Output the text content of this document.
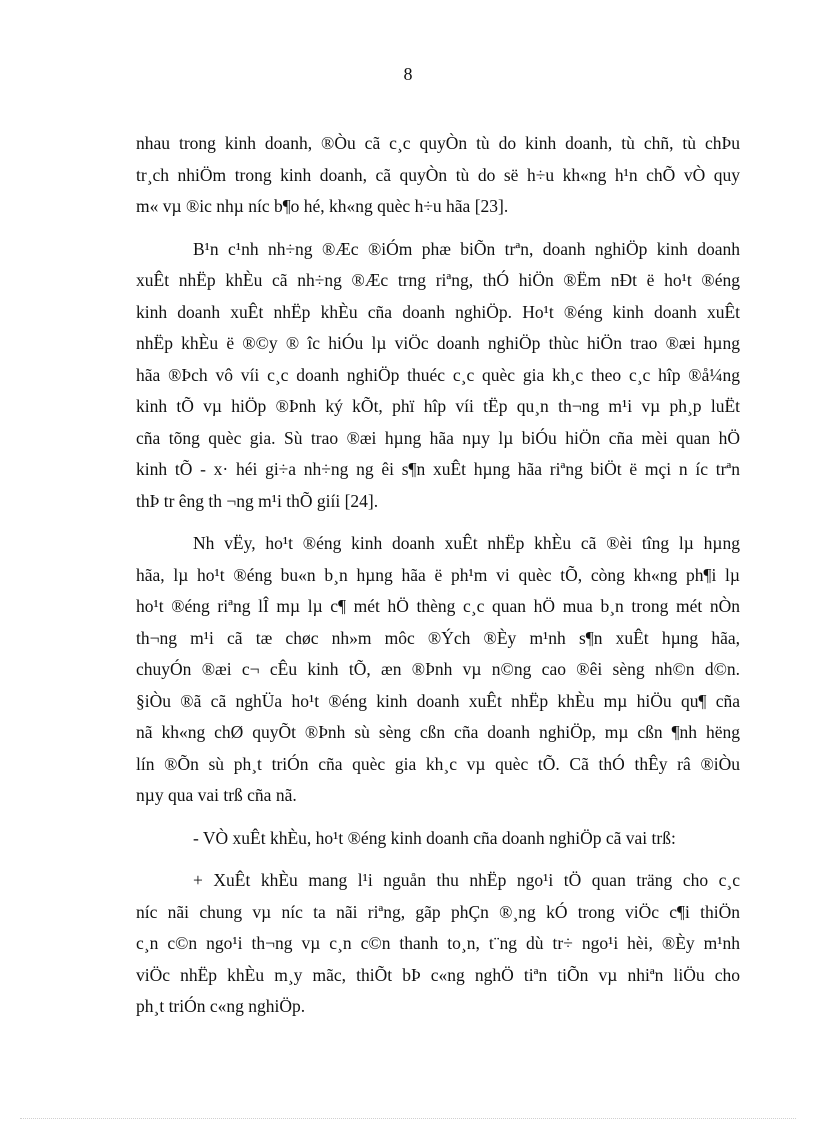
8
nhau trong kinh doanh, ®Òu cã c¸c quyÒn tù do kinh doanh, tù chñ, tù chÞu
tr¸ch nhiÖm trong kinh doanh, cã quyÒn tù do së h÷u kh«ng h¹n chÕ vÒ quy
m« vµ ®ic nhµ níc b¶o hé, kh«ng quèc h÷u hãa [23].
B¹n c¹nh nh÷ng ®Æc ®iÓm phæ biÕn trªn, doanh nghiÖp kinh doanh
xuÊt nhËp khÈu cã nh÷ng ®Æc trng riªng, thÓ hiÖn ®Ëm nÐt ë ho¹t ®éng
kinh doanh xuÊt nhËp khÈu cña doanh nghiÖp. Ho¹t ®éng kinh doanh xuÊt
nhËp khÈu ë ®©y ® îc hiÓu lµ viÖc doanh nghiÖp thùc hiÖn trao ®æi hµng
hãa ®Þch vô víi c¸c doanh nghiÖp thuéc c¸c quèc gia kh¸c theo c¸c hîp ®å¼ng
kinh tÕ vµ hiÖp ®Þnh ký kÕt, phï hîp víi tËp qu¸n th¬ng m¹i vµ ph¸p luËt
cña tõng quèc gia. Sù trao ®æi hµng hãa nµy lµ biÓu hiÖn cña mèi quan hÖ
kinh tÕ - x· héi gi÷a nh÷ng ng êi s¶n xuÊt hµng hãa riªng biÖt ë mçi n íc trªn
thÞ tr êng th ¬ng m¹i thÕ giíi [24].
Nh vËy, ho¹t ®éng kinh doanh xuÊt nhËp khÈu cã ®èi tîng lµ hµng
hãa, lµ ho¹t ®éng bu«n b¸n hµng hãa ë ph¹m vi quèc tÕ, còng kh«ng ph¶i lµ
ho¹t ®éng riªng lÎ mµ lµ c¶ mét hÖ thèng c¸c quan hÖ mua b¸n trong mét nÒn
th¬ng m¹i cã tæ chøc nh»m môc ®Ých ®Èy m¹nh s¶n xuÊt hµng hãa,
chuyÓn ®æi c¬ cÊu kinh tÕ, æn ®Þnh vµ n©ng cao ®êi sèng nh©n d©n.
§iÒu ®ã cã nghÜa ho¹t ®éng kinh doanh xuÊt nhËp khÈu mµ hiÖu qu¶ cña
nã kh«ng chØ quyÕt ®Þnh sù sèng cßn cña doanh nghiÖp, mµ cßn ¶nh hëng
lín ®Õn sù ph¸t triÓn cña quèc gia kh¸c vµ quèc tÕ. Cã thÓ thÊy râ ®iÒu
nµy qua vai trß cña nã.
- VÒ xuÊt khÈu, ho¹t ®éng kinh doanh cña doanh nghiÖp cã vai trß:
+ XuÊt khÈu mang l¹i nguån thu nhËp ngo¹i tÖ quan träng cho c¸c
níc nãi chung vµ níc ta nãi riªng, gãp phÇn ®¸ng kÓ trong viÖc c¶i thiÖn
c¸n c©n ngo¹i th¬ng vµ c¸n c©n thanh to¸n, t¨ng dù tr÷ ngo¹i hèi, ®Èy m¹nh
viÖc nhËp khÈu m¸y mãc, thiÕt bÞ c«ng nghÖ tiªn tiÕn vµ nhiªn liÖu cho
ph¸t triÓn c«ng nghiÖp.
